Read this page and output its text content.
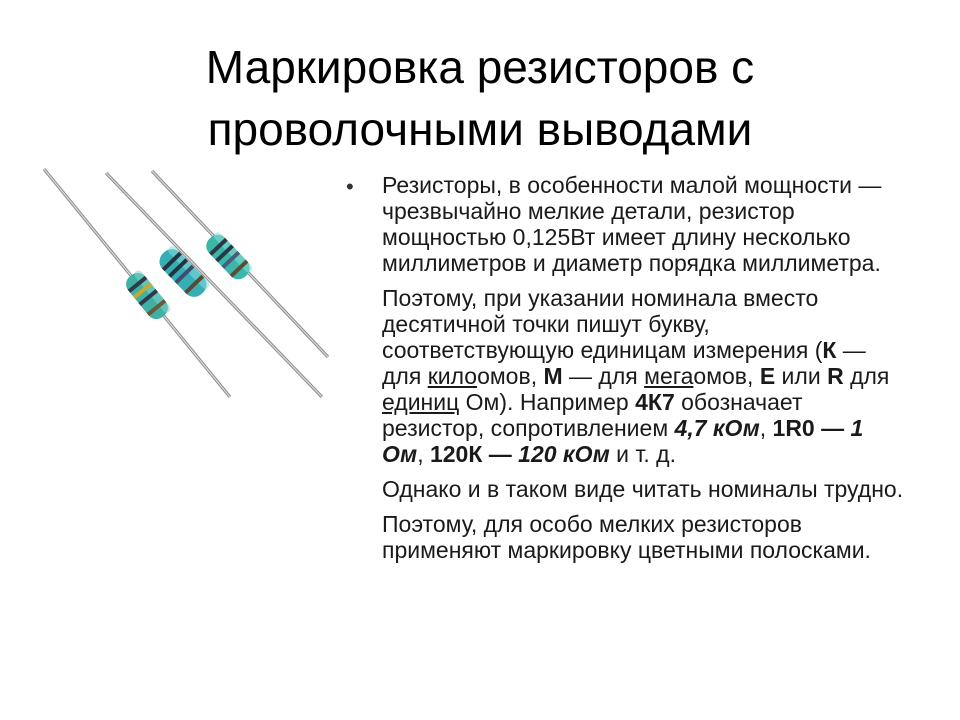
Маркировка резисторов с
проволочными выводами
• Резисторы, в особенности малой мощности — чрезвычайно мелкие детали, резистор мощностью 0,125Вт имеет длину несколько миллиметров и диаметр порядка миллиметра.

Поэтому, при указании номинала вместо десятичной точки пишут букву, соответствующую единицам измерения (К — для килоомов, М — для мегаомов, Е или R для единиц Ом). Например 4К7 обозначает резистор, сопротивлением 4,7 кОм, 1R0 — 1 Ом, 120К — 120 кОм и т. д.

Однако и в таком виде читать номиналы трудно.

Поэтому, для особо мелких резисторов применяют маркировку цветными полосками.
